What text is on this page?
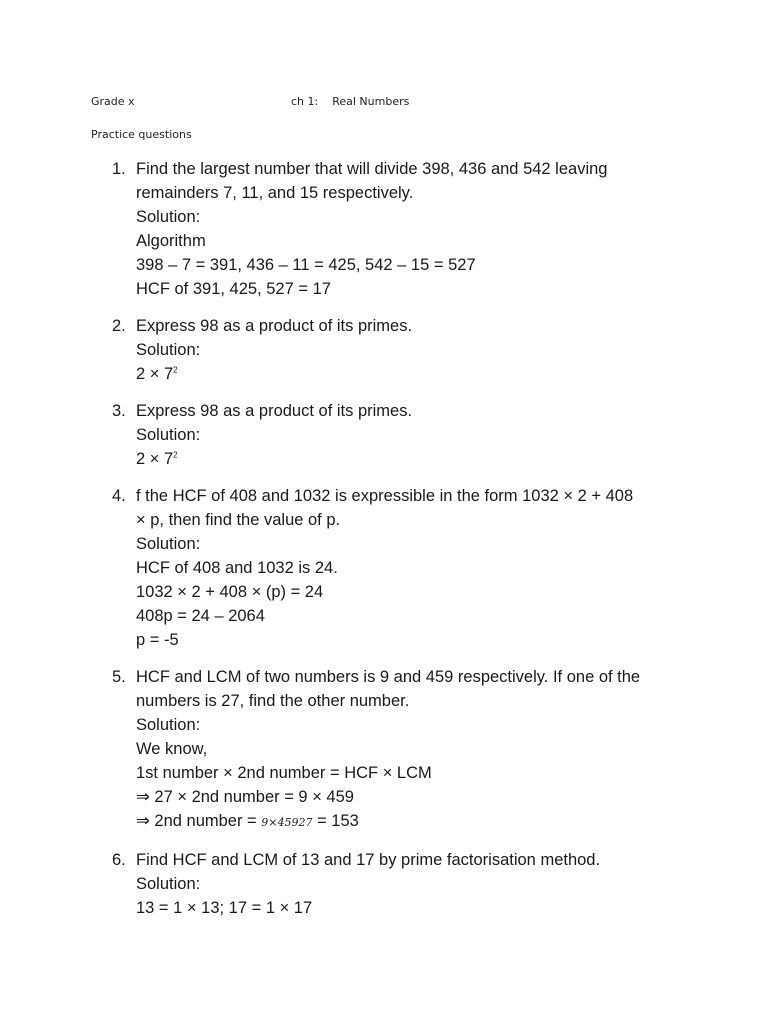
Grade x	ch 1:    Real Numbers
Practice questions
1. Find the largest number that will divide 398, 436 and 542 leaving
remainders 7, 11, and 15 respectively.
Solution:
Algorithm
398 – 7 = 391, 436 – 11 = 425, 542 – 15 = 527
HCF of 391, 425, 527 = 17
2. Express 98 as a product of its primes.
Solution:
$2 \times 7^2$
3. Express 98 as a product of its primes.
Solution:
$2 \times 7^2$
4. f the HCF of 408 and 1032 is expressible in the form 1032 × 2 + 408
× p, then find the value of p.
Solution:
HCF of 408 and 1032 is 24.
1032 × 2 + 408 × (p) = 24
408p = 24 – 2064
p = -5
5. HCF and LCM of two numbers is 9 and 459 respectively. If one of the
numbers is 27, find the other number.
Solution:
We know,
1st number × 2nd number = HCF × LCM
⇒ 27 × 2nd number = 9 × 459
⇒ 2nd number = 9×45927 = 153
6. Find HCF and LCM of 13 and 17 by prime factorisation method.
Solution:
13 = 1 × 13; 17 = 1 × 17
